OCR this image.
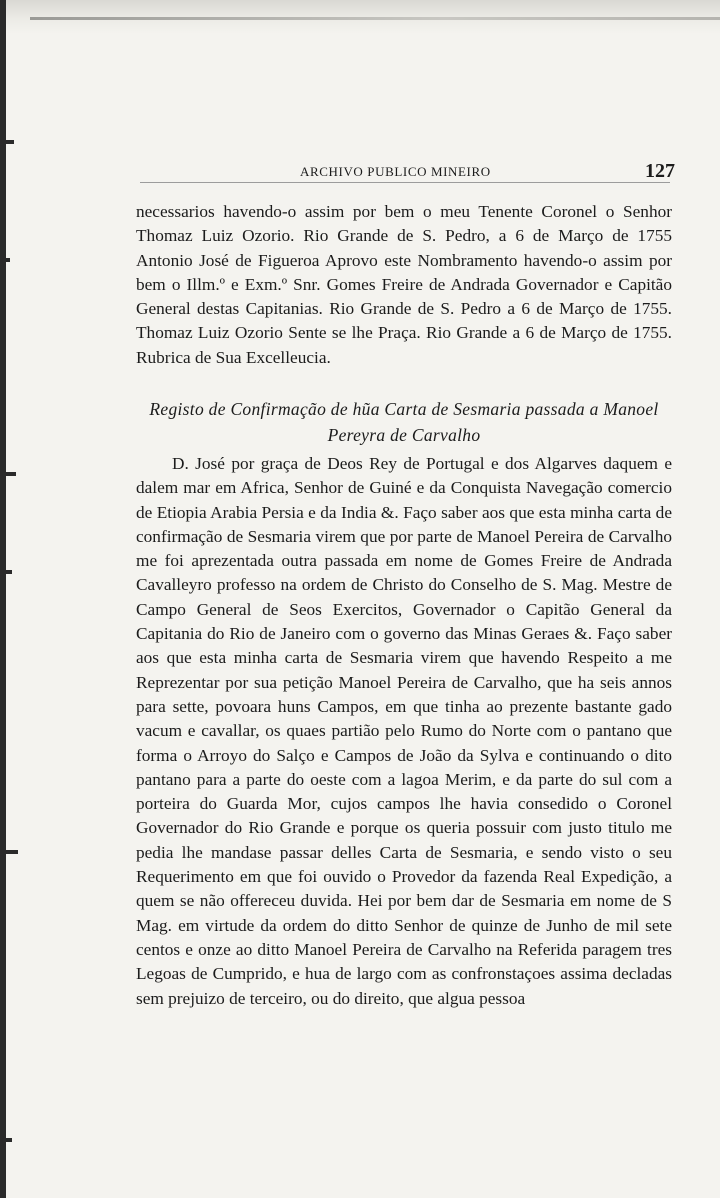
ARCHIVO PUBLICO MINEIRO	127

necessarios havendo-o assim por bem o meu Tenente Coronel o Senhor Thomaz Luiz Ozorio. Rio Grande de S. Pedro, a 6 de Março de 1755 Antonio José de Figueroa Aprovo este Nombramento havendo-o assim por bem o Illm.º e Exm.º Snr. Gomes Freire de Andrada Governador e Capitão General destas Capitanias. Rio Grande de S. Pedro a 6 de Março de 1755. Thomaz Luiz Ozorio Sente se lhe Praça. Rio Grande a 6 de Março de 1755. Rubrica de Sua Excelleucia.

Registo de Confirmação de hũa Carta de Sesmaria passada a Manoel Pereyra de Carvalho

D. José por graça de Deos Rey de Portugal e dos Algarves daquem e dalem mar em Africa, Senhor de Guiné e da Conquista Navegação comercio de Etiopia Arabia Persia e da India &. Faço saber aos que esta minha carta de confirmação de Sesmaria virem que por parte de Manoel Pereira de Carvalho me foi aprezentada outra passada em nome de Gomes Freire de Andrada Cavalleyro professo na ordem de Christo do Conselho de S. Mag. Mestre de Campo General de Seos Exercitos, Governador o Capitão General da Capitania do Rio de Janeiro com o governo das Minas Geraes &. Faço saber aos que esta minha carta de Sesmaria virem que havendo Respeito a me Reprezentar por sua petição Manoel Pereira de Carvalho, que ha seis annos para sette, povoara huns Campos, em que tinha ao prezente bastante gado vacum e cavallar, os quaes partião pelo Rumo do Norte com o pantano que forma o Arroyo do Salço e Campos de João da Sylva e continuando o dito pantano para a parte do oeste com a lagoa Merim, e da parte do sul com a porteira do Guarda Mor, cujos campos lhe havia consedido o Coronel Governador do Rio Grande e porque os queria possuir com justo titulo me pedia lhe mandase passar delles Carta de Sesmaria, e sendo visto o seu Requerimento em que foi ouvido o Provedor da fazenda Real Expedição, a quem se não offereceu duvida. Hei por bem dar de Sesmaria em nome de S Mag. em virtude da ordem do ditto Senhor de quinze de Junho de mil sete centos e onze ao ditto Manoel Pereira de Carvalho na Referida paragem tres Legoas de Cumprido, e hua de largo com as confronstaçoes assima decladas sem prejuizo de terceiro, ou do direito, que algua pessoa
